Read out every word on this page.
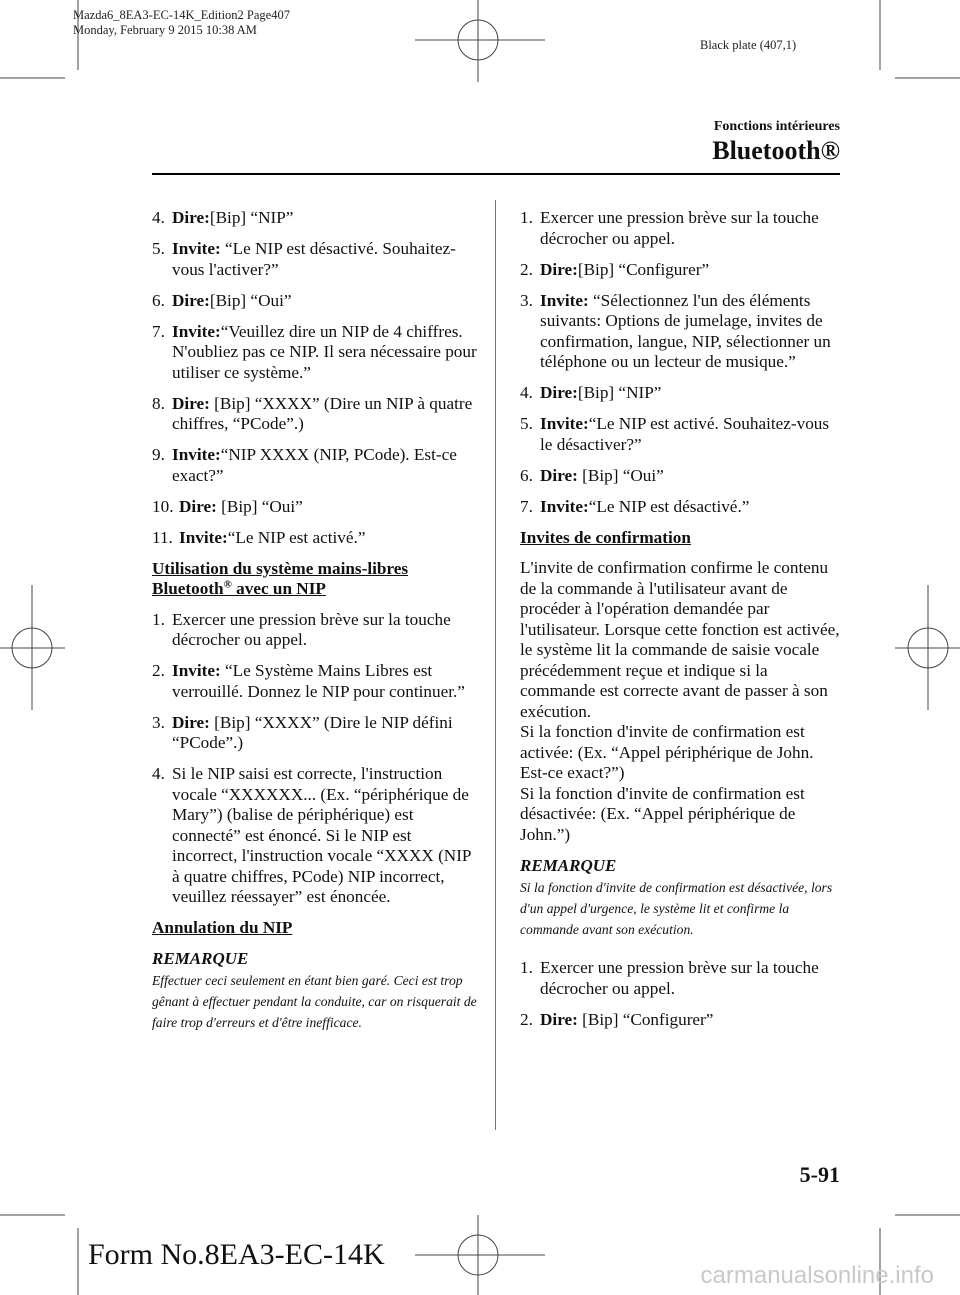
Mazda6_8EA3-EC-14K_Edition2 Page407
Monday, February 9 2015 10:38 AM
Black plate (407,1)
Fonctions intérieures
Bluetooth®
4. Dire:[Bip] “NIP”
5. Invite: “Le NIP est désactivé. Souhaitez-vous l'activer?”
6. Dire:[Bip] “Oui”
7. Invite:“Veuillez dire un NIP de 4 chiffres. N'oubliez pas ce NIP. Il sera nécessaire pour utiliser ce système.”
8. Dire: [Bip] “XXXX” (Dire un NIP à quatre chiffres, “PCode”.)
9. Invite:“NIP XXXX (NIP, PCode). Est-ce exact?”
10. Dire: [Bip] “Oui”
11. Invite:“Le NIP est activé.”
Utilisation du système mains-libres Bluetooth® avec un NIP
1. Exercer une pression brève sur la touche décrocher ou appel.
2. Invite: “Le Système Mains Libres est verrouillé. Donnez le NIP pour continuer.”
3. Dire: [Bip] “XXXX” (Dire le NIP défini “PCode”.)
4. Si le NIP saisi est correcte, l'instruction vocale “XXXXXX... (Ex. “périphérique de Mary”) (balise de périphérique) est connecté” est énoncé. Si le NIP est incorrect, l'instruction vocale “XXXX (NIP à quatre chiffres, PCode) NIP incorrect, veuillez réessayer” est énoncée.
Annulation du NIP
REMARQUE
Effectuer ceci seulement en étant bien garé. Ceci est trop gênant à effectuer pendant la conduite, car on risquerait de faire trop d'erreurs et d'être inefficace.
1. Exercer une pression brève sur la touche décrocher ou appel.
2. Dire:[Bip] “Configurer”
3. Invite: “Sélectionnez l'un des éléments suivants: Options de jumelage, invites de confirmation, langue, NIP, sélectionner un téléphone ou un lecteur de musique.”
4. Dire:[Bip] “NIP”
5. Invite:“Le NIP est activé. Souhaitez-vous le désactiver?”
6. Dire: [Bip] “Oui”
7. Invite:“Le NIP est désactivé.”
Invites de confirmation
L'invite de confirmation confirme le contenu de la commande à l'utilisateur avant de procéder à l'opération demandée par l'utilisateur. Lorsque cette fonction est activée, le système lit la commande de saisie vocale précédemment reçue et indique si la commande est correcte avant de passer à son exécution.
Si la fonction d'invite de confirmation est activée: (Ex. “Appel périphérique de John. Est-ce exact?”)
Si la fonction d'invite de confirmation est désactivée: (Ex. “Appel périphérique de John.”)
REMARQUE
Si la fonction d'invite de confirmation est désactivée, lors d'un appel d'urgence, le système lit et confirme la commande avant son exécution.
1. Exercer une pression brève sur la touche décrocher ou appel.
2. Dire: [Bip] “Configurer”
5-91
Form No.8EA3-EC-14K
carmanualsonline.info
